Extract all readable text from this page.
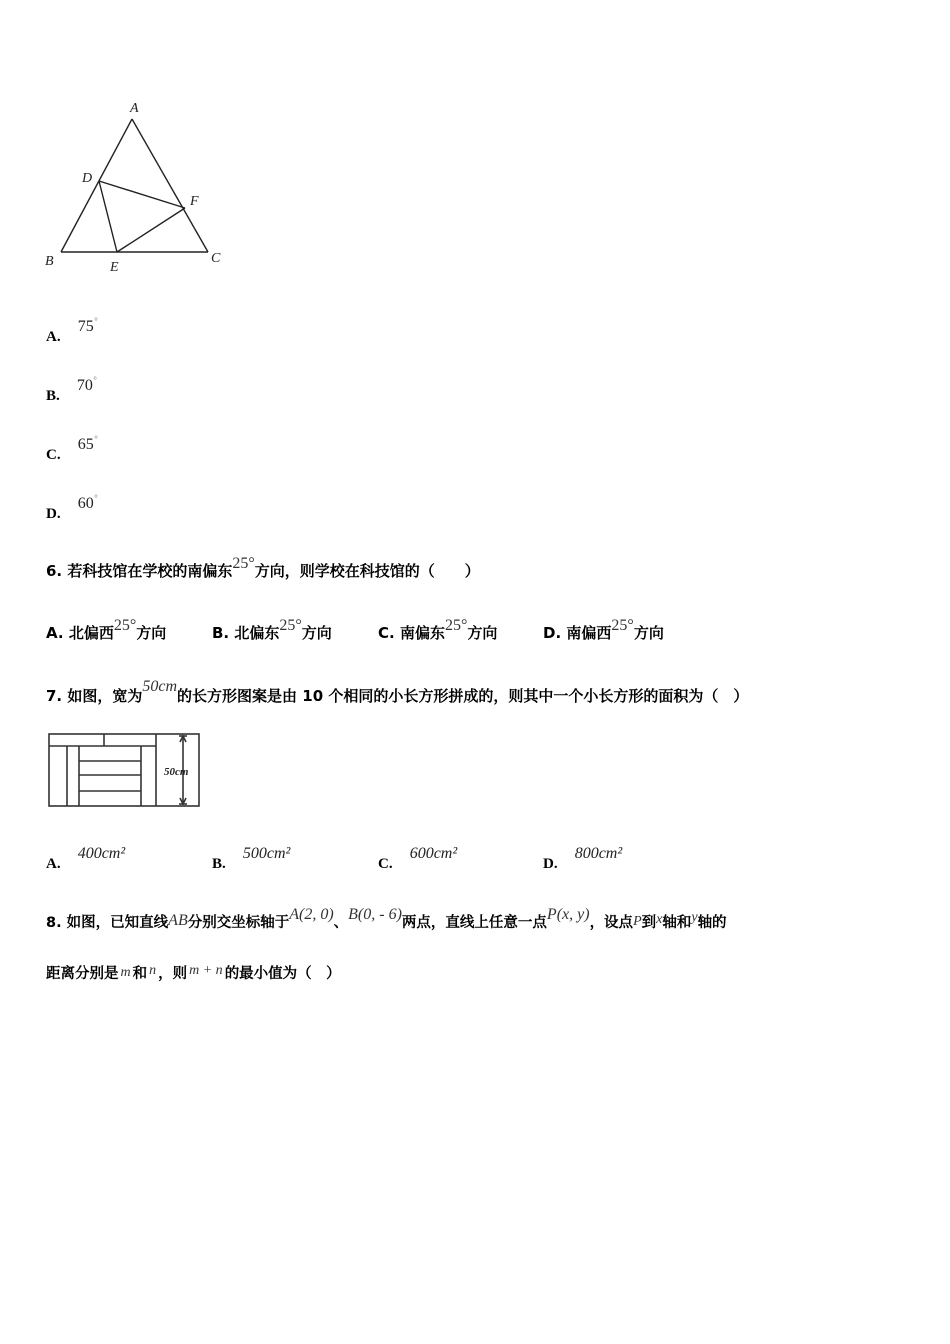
A
B	C
D
E
F
A. 75°
B. 70°
C. 65°
D. 60°
6. 若科技馆在学校的南偏东25°方向，则学校在科技馆的（　　）
A. 北偏西25°方向	B. 北偏东25°方向	C. 南偏东25°方向	D. 南偏西25°方向
7. 如图，宽为50cm的长方形图案是由 10 个相同的小长方形拼成的，则其中一个小长方形的面积为（　）
50cm
A. 400cm²
B. 500cm²
C. 600cm²
D. 800cm²
8. 如图，已知直线AB分别交坐标轴于A(2, 0)、B(0, - 6)两点，直线上任意一点P(x, y)，设点P到x轴和y轴的
距离分别是 m 和 n ，则 m + n 的最小值为（　）
